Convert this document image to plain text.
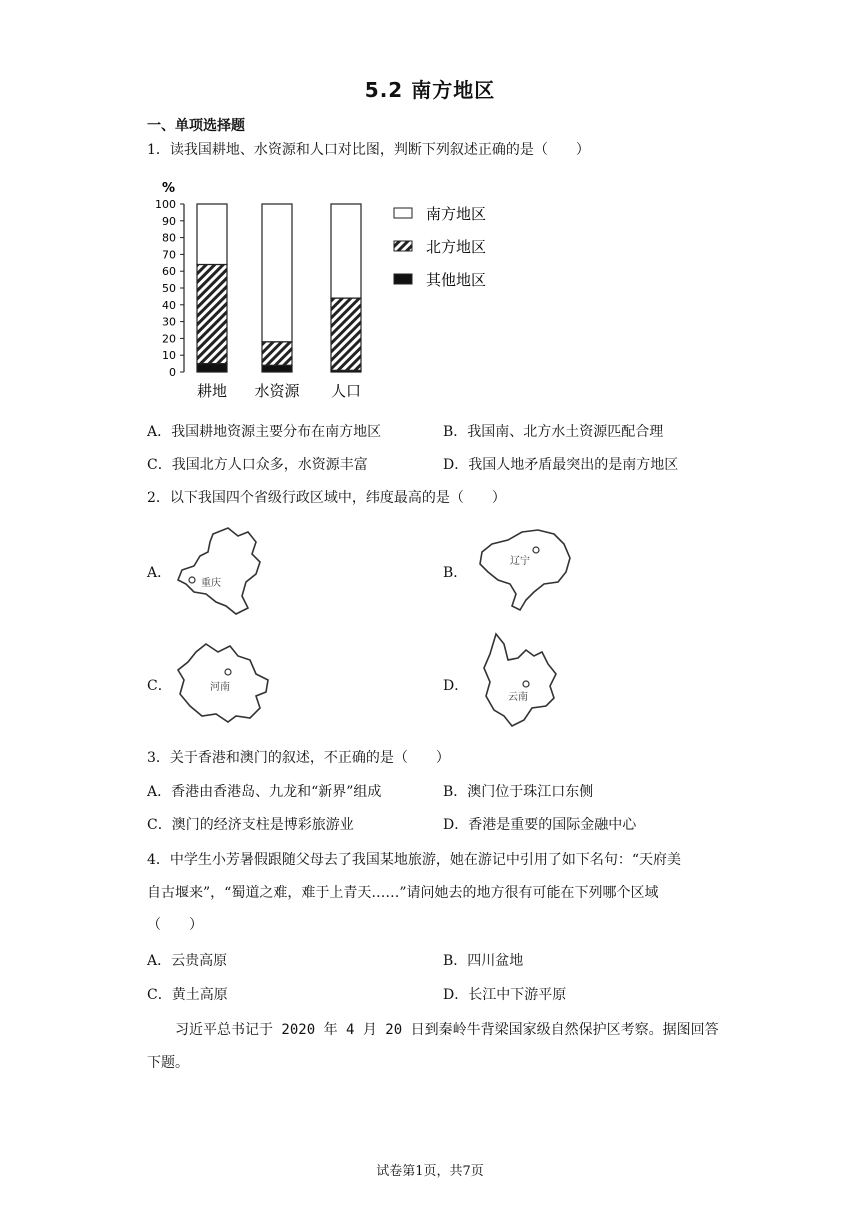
5.2 南方地区
一、单项选择题
1．读我国耕地、水资源和人口对比图，判断下列叙述正确的是（　　）
%
0
10
20
30
40
50
60
70
80
90
100
耕地 水资源 人口
南方地区
北方地区
其他地区
A．我国耕地资源主要分布在南方地区	B．我国南、北方水土资源匹配合理
C．我国北方人口众多，水资源丰富	D．我国人地矛盾最突出的是南方地区
2．以下我国四个省级行政区域中，纬度最高的是（　　）
A．
重庆
B．
辽宁
C．	河南	D．
云南
3．关于香港和澳门的叙述，不正确的是（　　）
A．香港由香港岛、九龙和“新界”组成	B．澳门位于珠江口东侧
C．澳门的经济支柱是博彩旅游业	D．香港是重要的国际金融中心
4．中学生小芳暑假跟随父母去了我国某地旅游，她在游记中引用了如下名句：“天府美
自古堰来”，“蜀道之难，难于上青天……”请问她去的地方很有可能在下列哪个区域
（　　）
A．云贵高原	B．四川盆地
C．黄土高原	D．长江中下游平原
习近平总书记于 2020 年 4 月 20 日到秦岭牛背梁国家级自然保护区考察。据图回答
下题。
试卷第1页，共7页
